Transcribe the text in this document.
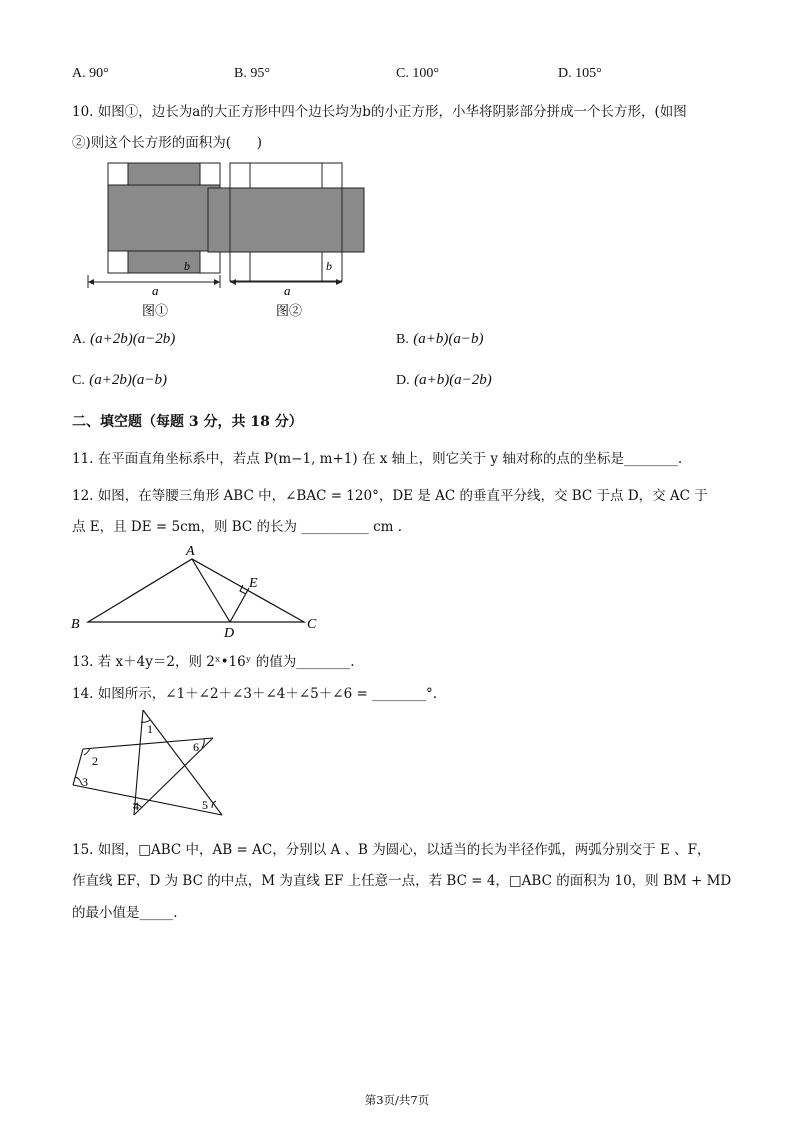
A. 90°	B. 95°	C. 100°	D. 105°
10. 如图①，边长为a的大正方形中四个边长均为b的小正方形，小华将阴影部分拼成一个长方形，(如图
②)则这个长方形的面积为(      )
b
a
图①
b
a
图②
A. (a+2b)(a−2b)	B. (a+b)(a−b)
C. (a+2b)(a−b)	D. (a+b)(a−2b)
二、填空题（每题 3 分，共 18 分）
11. 在平面直角坐标系中，若点 P(m−1, m+1) 在 x 轴上，则它关于 y 轴对称的点的坐标是________.
12. 如图，在等腰三角形 ABC 中，∠BAC = 120°，DE 是 AC 的垂直平分线，交 BC 于点 D，交 AC 于
点 E，且 DE = 5cm，则 BC 的长为 __________ cm .
A
B	C
D
E
13. 若 x＋4y＝2，则 2ˣ•16ʸ 的值为________.
14. 如图所示，∠1＋∠2＋∠3＋∠4＋∠5＋∠6 = ________°.
1
2
3
4	5
6
15. 如图，□ABC 中，AB = AC，分别以 A 、B 为圆心，以适当的长为半径作弧，两弧分别交于 E 、F，
作直线 EF，D 为 BC 的中点，M 为直线 EF 上任意一点，若 BC = 4，□ABC 的面积为 10，则 BM + MD
的最小值是_____.
第3页/共7页
